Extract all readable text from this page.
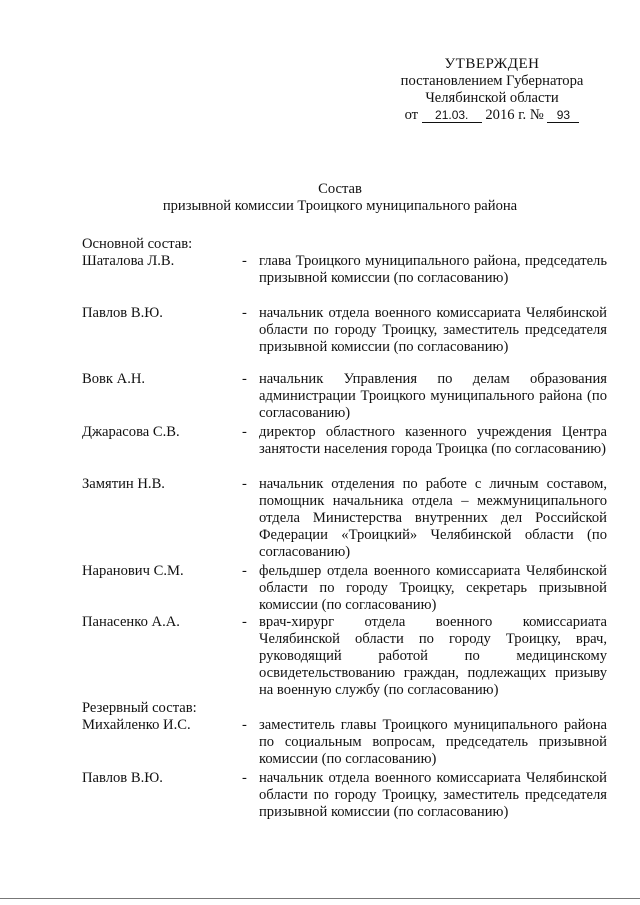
УТВЕРЖДЕН
постановлением Губернатора
Челябинской области
от 21.03. 2016 г. № 93
Состав
призывной комиссии Троицкого муниципального района
Основной состав:
Шаталова Л.В.	- глава Троицкого муниципального района, председатель призывной комиссии (по согласованию)
Павлов В.Ю.	- начальник отдела военного комиссариата Челябинской области по городу Троицку, заместитель председателя призывной комиссии (по согласованию)
Вовк А.Н.	- начальник Управления по делам образования администрации Троицкого муниципального района (по согласованию)
Джарасова С.В.	- директор областного казенного учреждения Центра занятости населения города Троицка (по согласованию)
Замятин Н.В.	- начальник отделения по работе с личным составом, помощник начальника отдела – межмуниципального отдела Министерства внутренних дел Российской Федерации «Троицкий» Челябинской области (по согласованию)
Наранович С.М.	- фельдшер отдела военного комиссариата Челябинской области по городу Троицку, секретарь призывной комиссии (по согласованию)
Панасенко А.А.	- врач-хирург отдела военного комиссариата Челябинской области по городу Троицку, врач, руководящий работой по медицинскому освидетельствованию граждан, подлежащих призыву на военную службу (по согласованию)
Резервный состав:
Михайленко И.С.	- заместитель главы Троицкого муниципального района по социальным вопросам, председатель призывной комиссии (по согласованию)
Павлов В.Ю.	- начальник отдела военного комиссариата Челябинской области по городу Троицку, заместитель председателя призывной комиссии (по согласованию)
